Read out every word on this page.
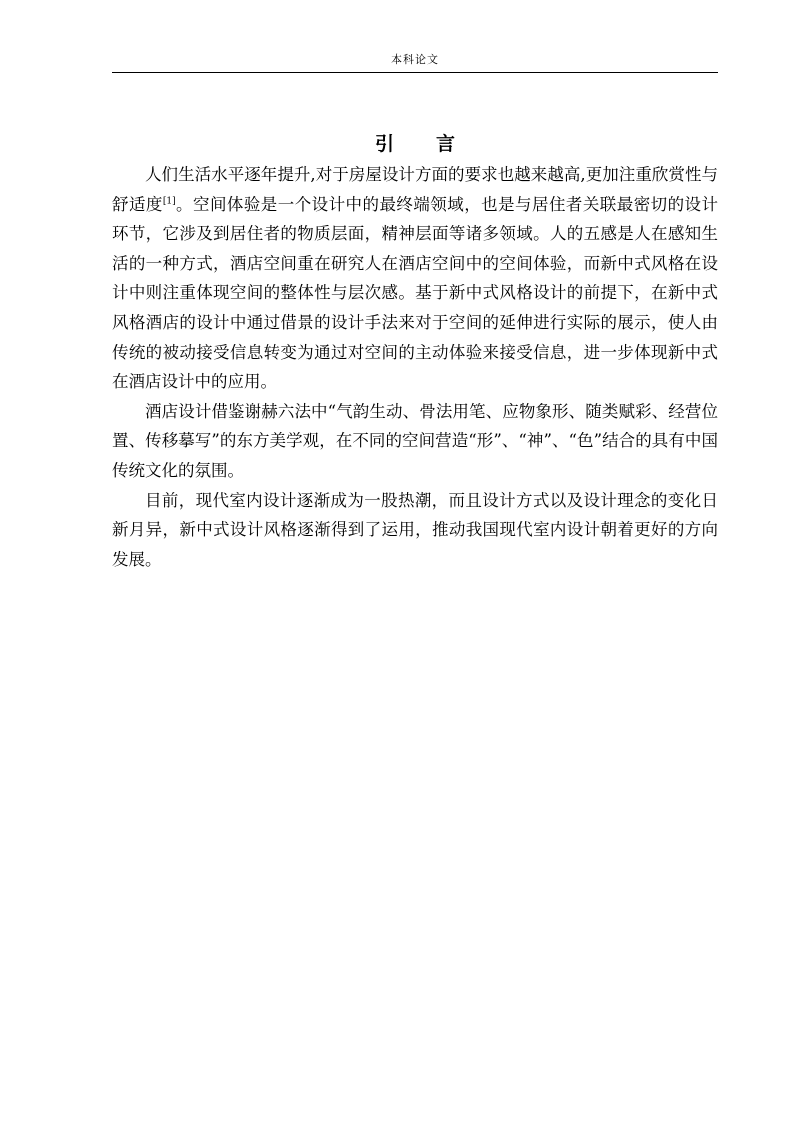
本科论文
引言

人们生活水平逐年提升,对于房屋设计方面的要求也越来越高,更加注重欣赏性与舒适度[1]。空间体验是一个设计中的最终端领域，也是与居住者关联最密切的设计环节，它涉及到居住者的物质层面，精神层面等诸多领域。人的五感是人在感知生活的一种方式，酒店空间重在研究人在酒店空间中的空间体验，而新中式风格在设计中则注重体现空间的整体性与层次感。基于新中式风格设计的前提下，在新中式风格酒店的设计中通过借景的设计手法来对于空间的延伸进行实际的展示，使人由传统的被动接受信息转变为通过对空间的主动体验来接受信息，进一步体现新中式在酒店设计中的应用。

酒店设计借鉴谢赫六法中“气韵生动、骨法用笔、应物象形、随类赋彩、经营位置、传移摹写”的东方美学观，在不同的空间营造“形”、“神”、“色”结合的具有中国传统文化的氛围。

目前，现代室内设计逐渐成为一股热潮，而且设计方式以及设计理念的变化日新月异，新中式设计风格逐渐得到了运用，推动我国现代室内设计朝着更好的方向发展。
